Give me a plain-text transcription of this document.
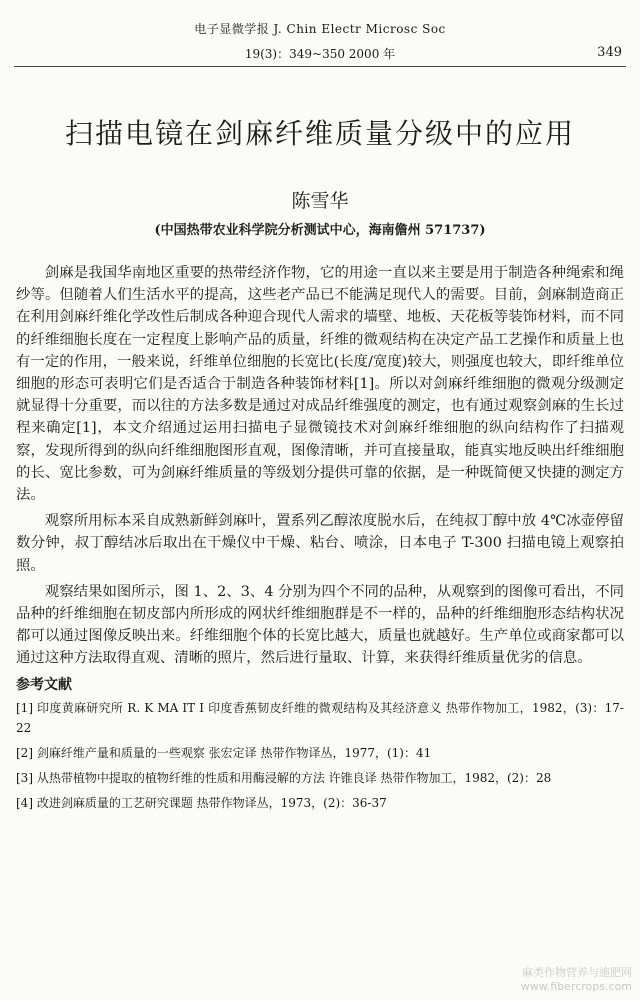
电子显微学报 J. Chin Electr Microsc Soc
19(3)：349~350 2000 年	349
扫描电镜在剑麻纤维质量分级中的应用
陈雪华
(中国热带农业科学院分析测试中心，海南儋州 571737)

剑麻是我国华南地区重要的热带经济作物，它的用途一直以来主要是用于制造各种绳索和绳纱等。但随着人们生活水平的提高，这些老产品已不能满足现代人的需要。目前，剑麻制造商正在利用剑麻纤维化学改性后制成各种迎合现代人需求的墙壁、地板、天花板等装饰材料，而不同的纤维细胞长度在一定程度上影响产品的质量，纤维的微观结构在决定产品工艺操作和质量上也有一定的作用，一般来说，纤维单位细胞的长宽比(长度/宽度)较大，则强度也较大，即纤维单位细胞的形态可表明它们是否适合于制造各种装饰材料[1]。所以对剑麻纤维细胞的微观分级测定就显得十分重要，而以往的方法多数是通过对成品纤维强度的测定，也有通过观察剑麻的生长过程来确定[1]，本文介绍通过运用扫描电子显微镜技术对剑麻纤维细胞的纵向结构作了扫描观察，发现所得到的纵向纤维细胞图形直观，图像清晰，并可直接量取，能真实地反映出纤维细胞的长、宽比参数，可为剑麻纤维质量的等级划分提供可靠的依据，是一种既简便又快捷的测定方法。

观察所用标本采自成熟新鲜剑麻叶，置系列乙醇浓度脱水后，在纯叔丁醇中放 4℃冰壶停留数分钟，叔丁醇结冰后取出在干燥仪中干燥、粘台、喷涂，日本电子 T-300 扫描电镜上观察拍照。

观察结果如图所示，图 1、2、3、4 分别为四个不同的品种，从观察到的图像可看出，不同品种的纤维细胞在韧皮部内所形成的网状纤维细胞群是不一样的，品种的纤维细胞形态结构状况都可以通过图像反映出来。纤维细胞个体的长宽比越大，质量也就越好。生产单位或商家都可以通过这种方法取得直观、清晰的照片，然后进行量取、计算，来获得纤维质量优劣的信息。

参考文献
[1] 印度黄麻研究所 R. K MA IT I 印度香蕉韧皮纤维的微观结构及其经济意义 热带作物加工，1982，(3)：17-22
[2] 剑麻纤维产量和质量的一些观察 张宏定译 热带作物译丛，1977，(1)：41
[3] 从热带植物中提取的植物纤维的性质和用酶浸解的方法 许锥良译 热带作物加工，1982，(2)：28
[4] 改进剑麻质量的工艺研究课题 热带作物译丛，1973，(2)：36-37
麻类作物营养与施肥网
www.fibercrops.com
